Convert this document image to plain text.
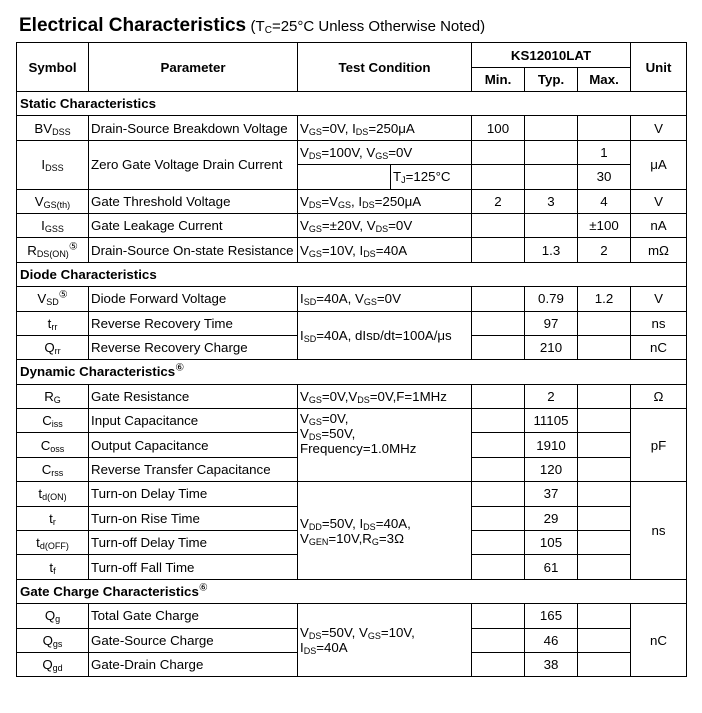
Electrical Characteristics ($T_C=25^\circ C$ Unless Otherwise Noted)
Symbol	Parameter	Test Condition	KS12010LAT			Unit
			Min.	Typ.	Max.	
Static Characteristics						
$BV_{DSS}$	Drain-Source Breakdown Voltage	$V_{GS}=0V$, $I_{DS}=250\mu A$	100			V
$I_{DSS}$	Zero Gate Voltage Drain Current	$V_{DS}=100V$, $V_{GS}=0V$			1	μA

		$T_J=125^\circ C$			30	
$V_{GS(th)}$	Gate Threshold Voltage	$V_{DS}=V_{GS}$, $I_{DS}=250\mu A$	2	3	4	V
$I_{GSS}$	Gate Leakage Current	$V_{GS}=\pm 20V$, $V_{DS}=0V$			±100	nA
$R_{DS(ON)}^⑤$	Drain-Source On-state Resistance	$V_{GS}=10V$, $I_{DS}=40A$		1.3	2	mΩ
Diode Characteristics						
$V_{SD}^⑤$	Diode Forward Voltage	$I_{SD}=40A$, $V_{GS}=0V$		0.79	1.2	V
$t_{rr}$	Reverse Recovery Time	$I_{SD}=40A$, dIsᴅ/dt=100A/μs		97		ns
$Q_{rr}$	Reverse Recovery Charge			210		nC
Dynamic Characteristics⑥
$R_G$	Gate Resistance	$V_{GS}=0V,V_{DS}=0V,F=1MHz$		2		Ω
$C_{iss}$	Input Capacitance	$V_{GS}=0V$,
$V_{DS}=50V$,
Frequency=1.0MHz		11105		pF
$C_{oss}$	Output Capacitance			1910		
$C_{rss}$	Reverse Transfer Capacitance			120		
$t_{d(ON)}$	Turn-on Delay Time	$V_{DD}=50V$, $I_{DS}=40A$,
$V_{GEN}=10V,R_G=3\Omega$		37		ns
$t_r$	Turn-on Rise Time			29		
$t_{d(OFF)}$	Turn-off Delay Time			105		
$t_f$	Turn-off Fall Time			61		
Gate Charge Characteristics⑥
$Q_g$	Total Gate Charge	$V_{DS}=50V$, $V_{GS}=10V$,
$I_{DS}=40A$		165		nC
$Q_{gs}$	Gate-Source Charge			46		
$Q_{gd}$	Gate-Drain Charge			38		
